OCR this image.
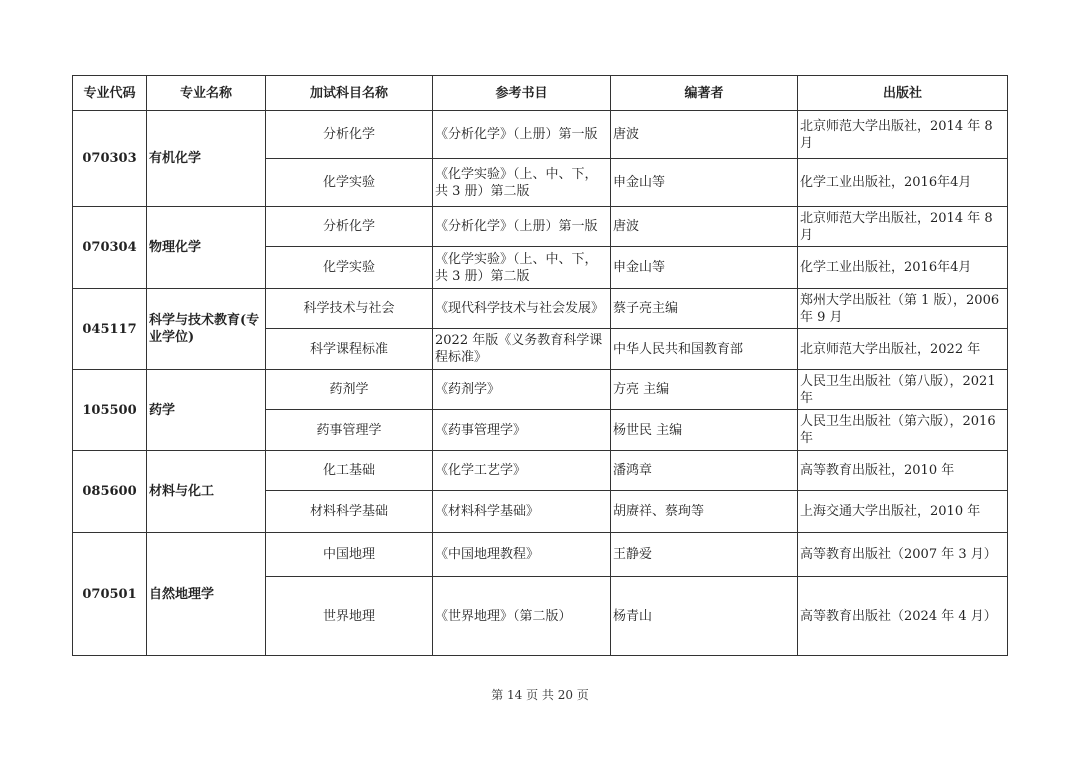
专业代码	专业名称	加试科目名称	参考书目	编著者	出版社
070303	有机化学	分析化学	《分析化学》（上册）第一版	唐波	北京师范大学出版社，2014 年 8 月
		化学实验	《化学实验》（上、中、下，共 3 册）第二版	申金山等	化学工业出版社，2016年4月
070304	物理化学	分析化学	《分析化学》（上册）第一版	唐波	北京师范大学出版社，2014 年 8 月
		化学实验	《化学实验》（上、中、下，共 3 册）第二版	申金山等	化学工业出版社，2016年4月
045117	科学与技术教育(专业学位)	科学技术与社会	《现代科学技术与社会发展》	蔡子亮主编	郑州大学出版社（第 1 版），2006 年 9 月
		科学课程标准	2022 年版《义务教育科学课程标准》	中华人民共和国教育部	北京师范大学出版社，2022 年
105500	药学	药剂学	《药剂学》	方亮 主编	人民卫生出版社（第八版），2021 年
		药事管理学	《药事管理学》	杨世民 主编	人民卫生出版社（第六版），2016 年
085600	材料与化工	化工基础	《化学工艺学》	潘鸿章	高等教育出版社，2010 年
		材料科学基础	《材料科学基础》	胡赓祥、蔡珣等	上海交通大学出版社，2010 年
070501	自然地理学	中国地理	《中国地理教程》	王静爱	高等教育出版社（2007 年 3 月）
		世界地理	《世界地理》（第二版）	杨青山	高等教育出版社（2024 年 4 月）
第 14 页 共 20 页
